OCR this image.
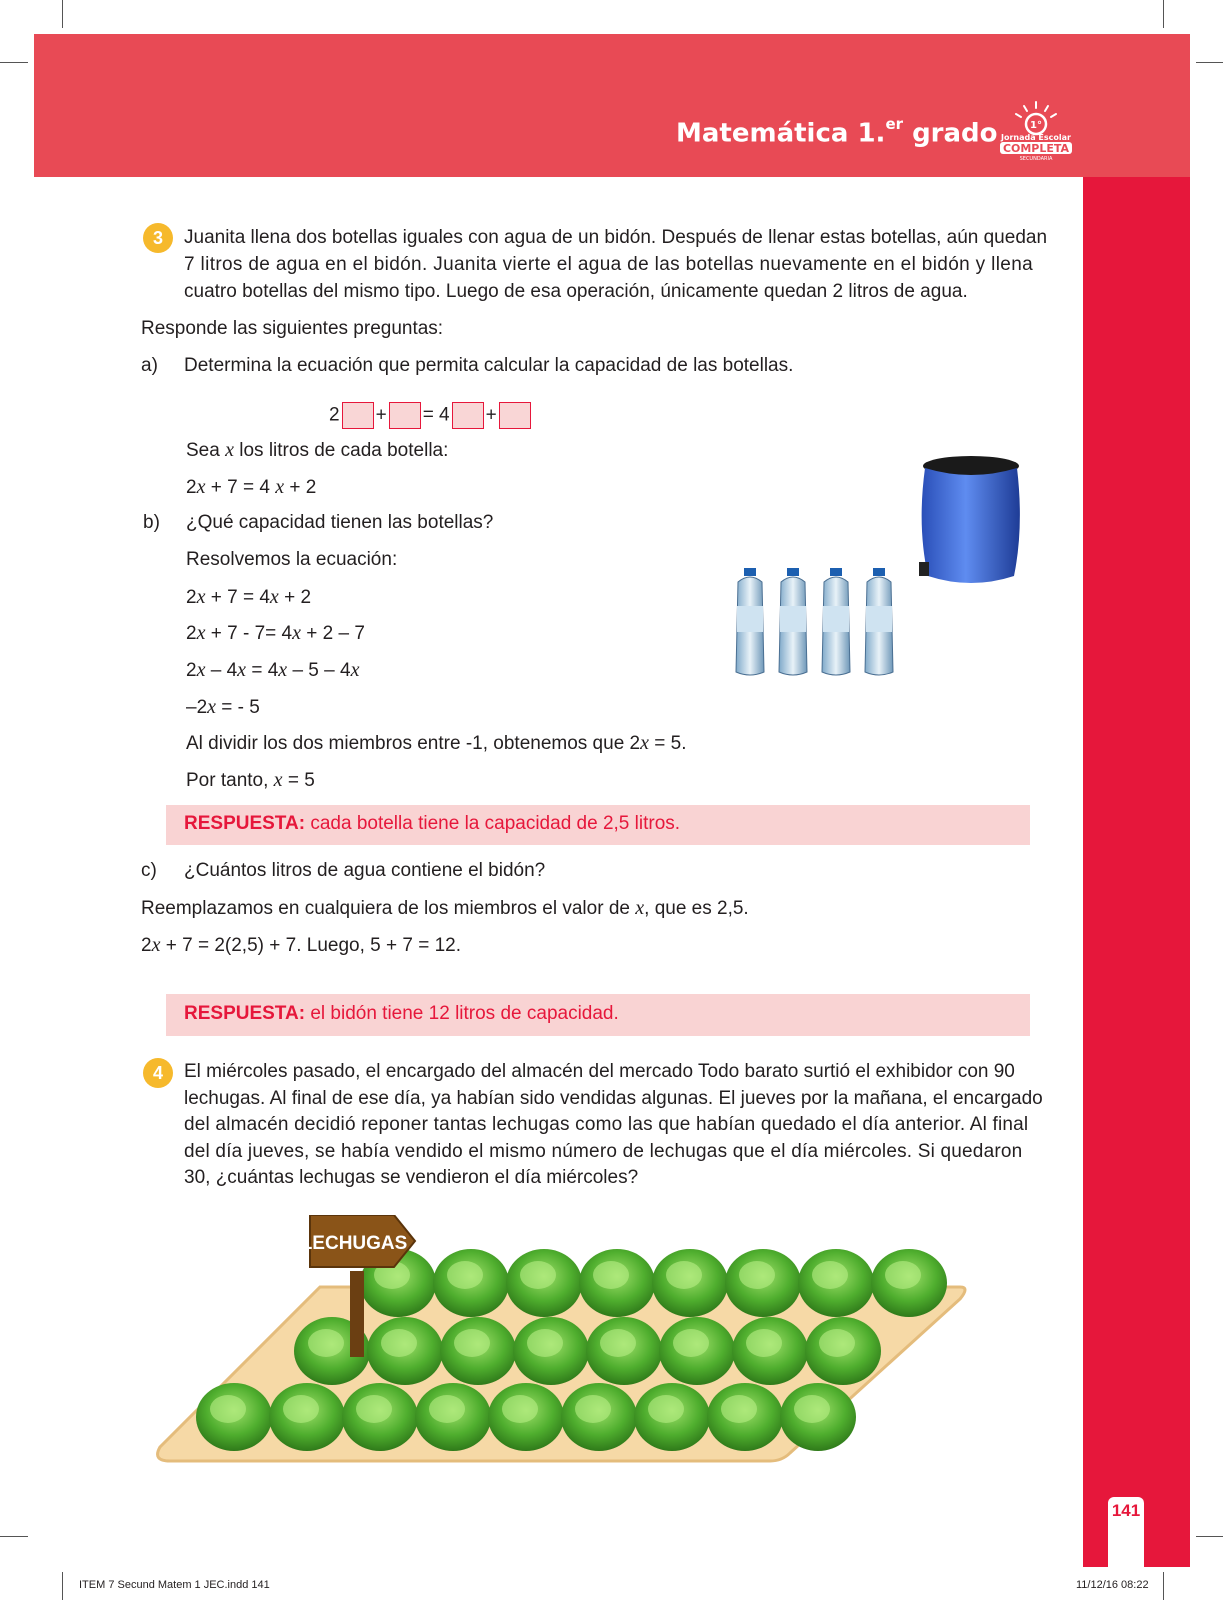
Matemática 1.$^{er}$ grado	1°
Jornada Escolar
COMPLETA
SECUNDARIA
141
3	Juanita llena dos botellas iguales con agua de un bidón. Después de llenar estas botellas, aún quedan
7 litros de agua en el bidón. Juanita vierte el agua de las botellas nuevamente en el bidón y llena
cuatro botellas del mismo tipo. Luego de esa operación, únicamente quedan 2 litros de agua.
Responde las siguientes preguntas:
a) Determina la ecuación que permita calcular la capacidad de las botellas.
2 + = 4 +
Sea x los litros de cada botella:
2x + 7 = 4 x + 2
b) ¿Qué capacidad tienen las botellas?
Resolvemos la ecuación:
2x + 7 = 4x + 2
2x + 7 - 7= 4x + 2 – 7
2x – 4x = 4x – 5 – 4x
–2x = - 5
Al dividir los dos miembros entre -1, obtenemos que 2x = 5.
Por tanto, x = 5
RESPUESTA: cada botella tiene la capacidad de 2,5 litros.
c) ¿Cuántos litros de agua contiene el bidón?
Reemplazamos en cualquiera de los miembros el valor de x, que es 2,5.
2x + 7 = 2(2,5) + 7. Luego, 5 + 7 = 12.
RESPUESTA: el bidón tiene 12 litros de capacidad.
4	El miércoles pasado, el encargado del almacén del mercado Todo barato surtió el exhibidor con 90
lechugas. Al final de ese día, ya habían sido vendidas algunas. El jueves por la mañana, el encargado
del almacén decidió reponer tantas lechugas como las que habían quedado el día anterior. Al final
del día jueves, se había vendido el mismo número de lechugas que el día miércoles. Si quedaron
30, ¿cuántas lechugas se vendieron el día miércoles?
LECHUGAS
ITEM 7 Secund Matem 1 JEC.indd 141	11/12/16 08:22
